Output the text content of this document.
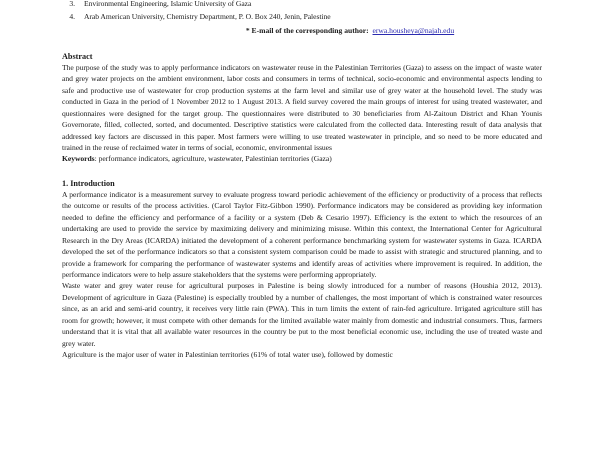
3.	Environmental Engineering, Islamic University of Gaza
4.	Arab American University, Chemistry Department, P. O. Box 240, Jenin, Palestine
* E-mail of the corresponding author: erwa.housheya@najah.edu
Abstract

The purpose of the study was to apply performance indicators on wastewater reuse in the Palestinian Territories (Gaza) to assess on the impact of waste water and grey water projects on the ambient environment, labor costs and consumers in terms of technical, socio-economic and environmental aspects lending to safe and productive use of wastewater for crop production systems at the farm level and similar use of grey water at the household level. The study was conducted in Gaza in the period of 1 November 2012 to 1 August 2013. A field survey covered the main groups of interest for using treated wastewater, and questionnaires were designed for the target group. The questionnaires were distributed to 30 beneficiaries from Al-Zaitoun District and Khan Younis Governorate, filled, collected, sorted, and documented. Descriptive statistics were calculated from the collected data. Interesting result of data analysis that addressed key factors are discussed in this paper. Most farmers were willing to use treated wastewater in principle, and so need to be more educated and trained in the reuse of reclaimed water in terms of social, economic, environmental issues

Keywords: performance indicators, agriculture, wastewater, Palestinian territories (Gaza)

1. Introduction

A performance indicator is a measurement survey to evaluate progress toward periodic achievement of the efficiency or productivity of a process that reflects the outcome or results of the process activities. (Carol Taylor Fitz-Gibbon 1990). Performance indicators may be considered as providing key information needed to define the efficiency and performance of a facility or a system (Deb & Cesario 1997). Efficiency is the extent to which the resources of an undertaking are used to provide the service by maximizing delivery and minimizing misuse. Within this context, the International Center for Agricultural Research in the Dry Areas (ICARDA) initiated the development of a coherent performance benchmarking system for wastewater systems in Gaza. ICARDA developed the set of the performance indicators so that a consistent system comparison could be made to assist with strategic and structured planning, and to provide a framework for comparing the performance of wastewater systems and identify areas of activities where improvement is required. In addition, the performance indicators were to help assure stakeholders that the systems were performing appropriately.

Waste water and grey water reuse for agricultural purposes in Palestine is being slowly introduced for a number of reasons (Houshia 2012, 2013). Development of agriculture in Gaza (Palestine) is especially troubled by a number of challenges, the most important of which is constrained water resources since, as an arid and semi-arid country, it receives very little rain (PWA). This in turn limits the extent of rain-fed agriculture. Irrigated agriculture still has room for growth; however, it must compete with other demands for the limited available water mainly from domestic and industrial consumers. Thus, farmers understand that it is vital that all available water resources in the country be put to the most beneficial economic use, including the use of treated waste and grey water.

Agriculture is the major user of water in Palestinian territories (61% of total water use), followed by domestic
